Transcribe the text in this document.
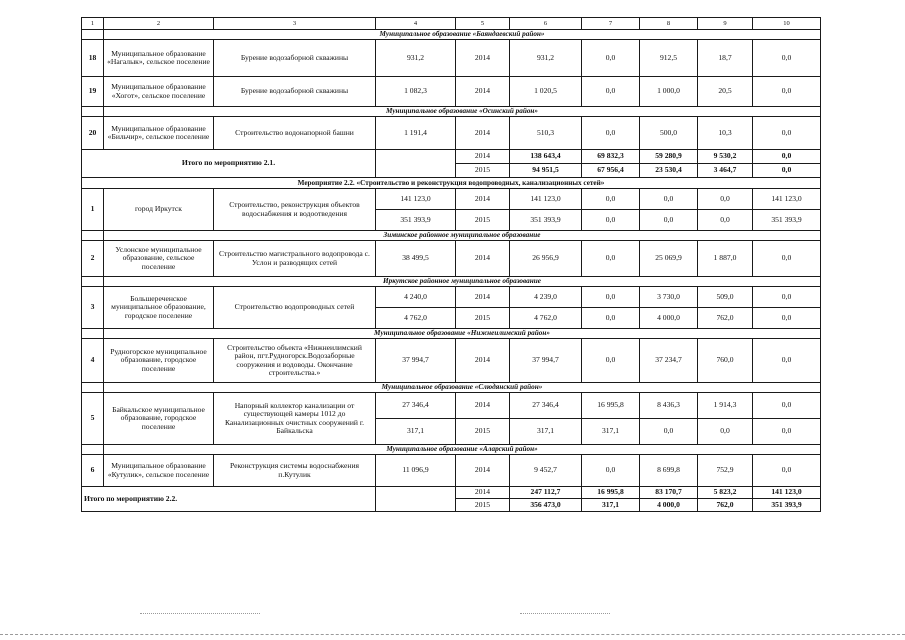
1	2	3	4	5	6	7	8	9	10
	Муниципальное образование «Баяндаевский район»								
18	Муниципальное образование «Нагалык», сельское поселение	Бурение водозаборной скважины	931,2	2014	931,2	0,0	912,5	18,7	0,0
19	Муниципальное образование «Хогот», сельское поселение	Бурение водозаборной скважины	1 082,3	2014	1 020,5	0,0	1 000,0	20,5	0,0
	Муниципальное образование «Осинский район»								
20	Муниципальное образование «Бильчир», сельское поселение	Строительство водонапорной башни	1 191,4	2014	510,3	0,0	500,0	10,3	0,0
Итого по мероприятию 2.1.				2014	138 643,4	69 832,3	59 280,9	9 530,2	0,0
				2015	94 951,5	67 956,4	23 530,4	3 464,7	0,0
Мероприятие 2.2. «Строительство и реконструкция водопроводных, канализационных сетей»									
1	город Иркутск	Строительство, реконструкция объектов водоснабжения и водоотведения	141 123,0	2014	141 123,0	0,0	0,0	0,0	141 123,0
			351 393,9	2015	351 393,9	0,0	0,0	0,0	351 393,9
	Зиминское районное муниципальное образование								
2	Услонское муниципальное образование, сельское поселение	Строительство магистрального водопровода с. Услон и разводящих сетей	38 499,5	2014	26 956,9	0,0	25 069,9	1 887,0	0,0
	Иркутское районное муниципальное образование								
3	Большереченское муниципальное образование, городское поселение	Строительство водопроводных сетей	4 240,0	2014	4 239,0	0,0	3 730,0	509,0	0,0
			4 762,0	2015	4 762,0	0,0	4 000,0	762,0	0,0
	Муниципальное образование «Нижнеилимский район»								
4	Рудногорское муниципальное образование, городское поселение	Строительство объекта «Нижнеилимский район, пгт.Рудногорск.Водозаборные сооружения и водоводы. Окончание строительства.»	37 994,7	2014	37 994,7	0,0	37 234,7	760,0	0,0
	Муниципальное образование «Слюдянский район»								
5	Байкальское муниципальное образование, городское поселение	Напорный коллектор канализации от существующей камеры 1012 до Канализационных очистных сооружений г. Байкальска	27 346,4	2014	27 346,4	16 995,8	8 436,3	1 914,3	0,0
			317,1	2015	317,1	317,1	0,0	0,0	0,0
	Муниципальное образование «Аларский район»								
6	Муниципальное образование «Кутулик», сельское поселение	Реконструкция системы водоснабжения п.Кутулик	11 096,9	2014	9 452,7	0,0	8 699,8	752,9	0,0
Итого по мероприятию 2.2.				2014	247 112,7	16 995,8	83 170,7	5 823,2	141 123,0
				2015	356 473,0	317,1	4 000,0	762,0	351 393,9
